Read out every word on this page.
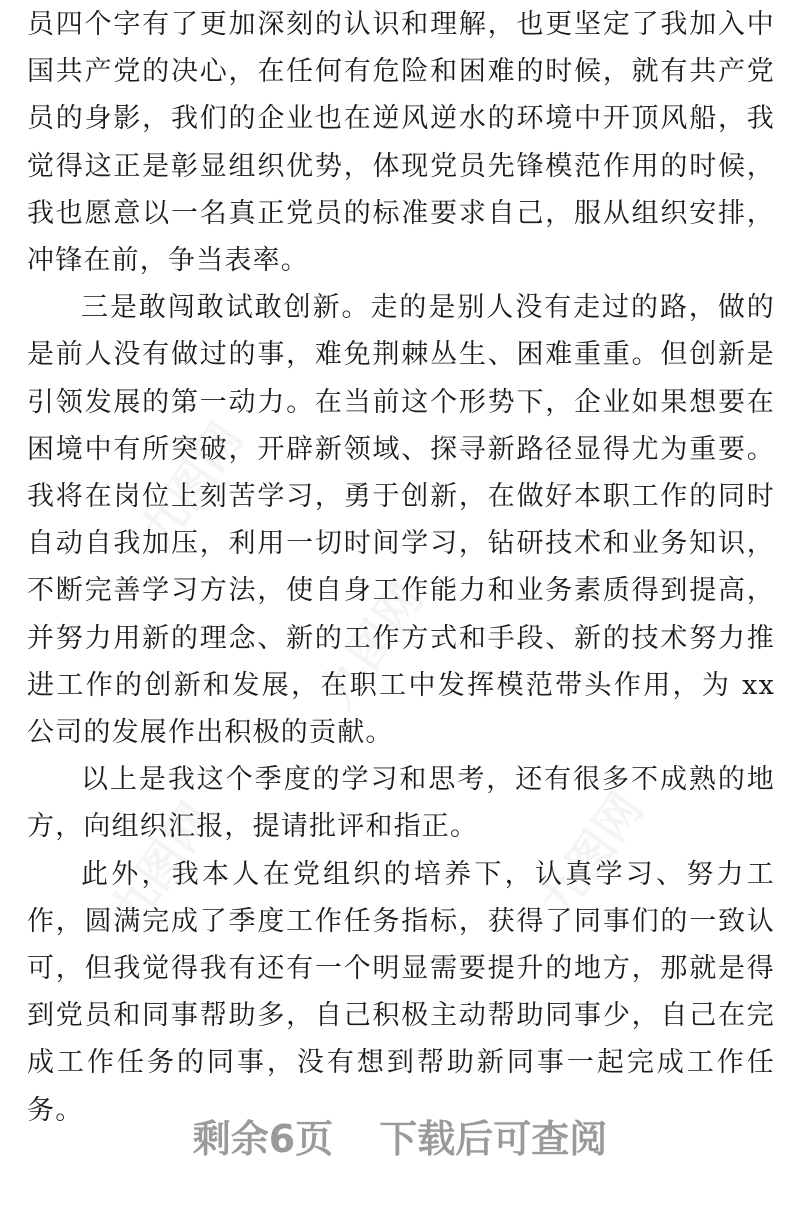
九图网
九图网
九图网
九图网

员四个字有了更加深刻的认识和理解，也更坚定了我加入中国共产党的决心，在任何有危险和困难的时候，就有共产党员的身影，我们的企业也在逆风逆水的环境中开顶风船，我觉得这正是彰显组织优势，体现党员先锋模范作用的时候，我也愿意以一名真正党员的标准要求自己，服从组织安排，冲锋在前，争当表率。

三是敢闯敢试敢创新。走的是别人没有走过的路，做的是前人没有做过的事，难免荆棘丛生、困难重重。但创新是引领发展的第一动力。在当前这个形势下，企业如果想要在困境中有所突破，开辟新领域、探寻新路径显得尤为重要。我将在岗位上刻苦学习，勇于创新，在做好本职工作的同时自动自我加压，利用一切时间学习，钻研技术和业务知识，不断完善学习方法，使自身工作能力和业务素质得到提高，并努力用新的理念、新的工作方式和手段、新的技术努力推进工作的创新和发展，在职工中发挥模范带头作用，为 xx 公司的发展作出积极的贡献。

以上是我这个季度的学习和思考，还有很多不成熟的地方，向组织汇报，提请批评和指正。

此外，我本人在党组织的培养下，认真学习、努力工作，圆满完成了季度工作任务指标，获得了同事们的一致认可，但我觉得我有还有一个明显需要提升的地方，那就是得到党员和同事帮助多，自己积极主动帮助同事少，自己在完成工作任务的同事，没有想到帮助新同事一起完成工作任务。

剩余6页 下载后可查阅
